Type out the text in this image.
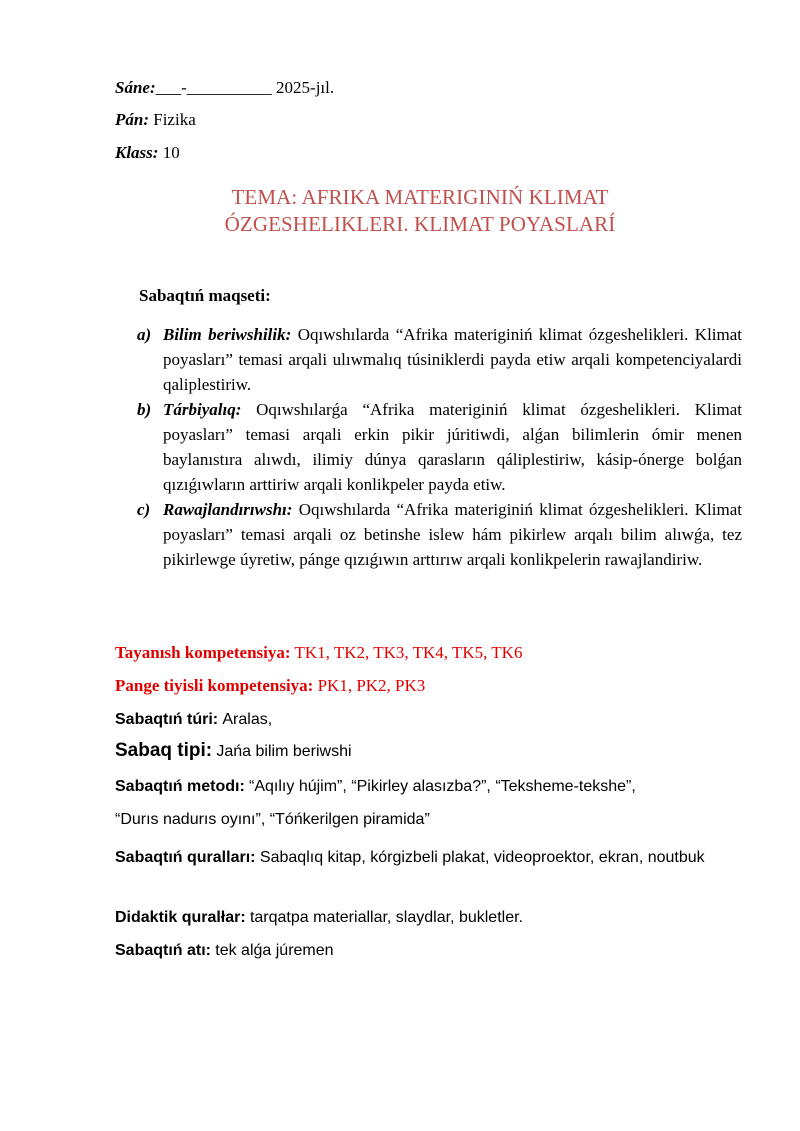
Sáne:___-__________ 2025-jıl.
Pán: Fizika
Klass: 10
TEMA: AFRIKA MATERIGINIŃ KLIMAT
ÓZGESHELIKLERI. KLIMAT POYASLARÍ
Sabaqtıń maqseti:
a) Bilim beriwshilik: Oqıwshılarda “Afrika materiginiń klimat ózgeshelikleri. Klimat poyasları” temasi arqali ulıwmalıq túsiniklerdi payda etiw arqali kompetenciyalardi qaliplestiriw.
b) Tárbiyalıq: Oqıwshılarǵa “Afrika materiginiń klimat ózgeshelikleri. Klimat poyasları” temasi arqali erkin pikir júritiwdi, alǵan bilimlerin ómir menen baylanıstıra alıwdı, ilimiy dúnya qarasların qáliplestiriw, kásip-ónerge bolǵan qızıǵıwların arttiriw arqali konlikpeler payda etiw.
c) Rawajlandırıwshı: Oqıwshılarda “Afrika materiginiń klimat ózgeshelikleri. Klimat poyasları” temasi arqali oz betinshe islew hám pikirlew arqalı bilim alıwǵa, tez pikirlewge úyretiw, pánge qızıǵıwın arttırıw arqali konlikpelerin rawajlandiriw.
Tayanısh kompetensiya: TK1, TK2, TK3, TK4, TK5, TK6
Pange tiyisli kompetensiya: PK1, PK2, PK3
Sabaqtıń túri: Aralas,
Sabaq tipi: Jańa bilim beriwshi
Sabaqtıń metodı: “Aqılıy hújim”, “Pikirley alasızba?”, “Teksheme-tekshe”,
“Durıs nadurıs oyını”, “Tóńkerilgen piramida”
Sabaqtıń quralları: Sabaqlıq kitap, kórgizbeli plakat, videoproektor, ekran, noutbuk
Didaktik quralłar: tarqatpa materiallar, slaydlar, bukletler.
Sabaqtıń atı: tek alǵa júremen
